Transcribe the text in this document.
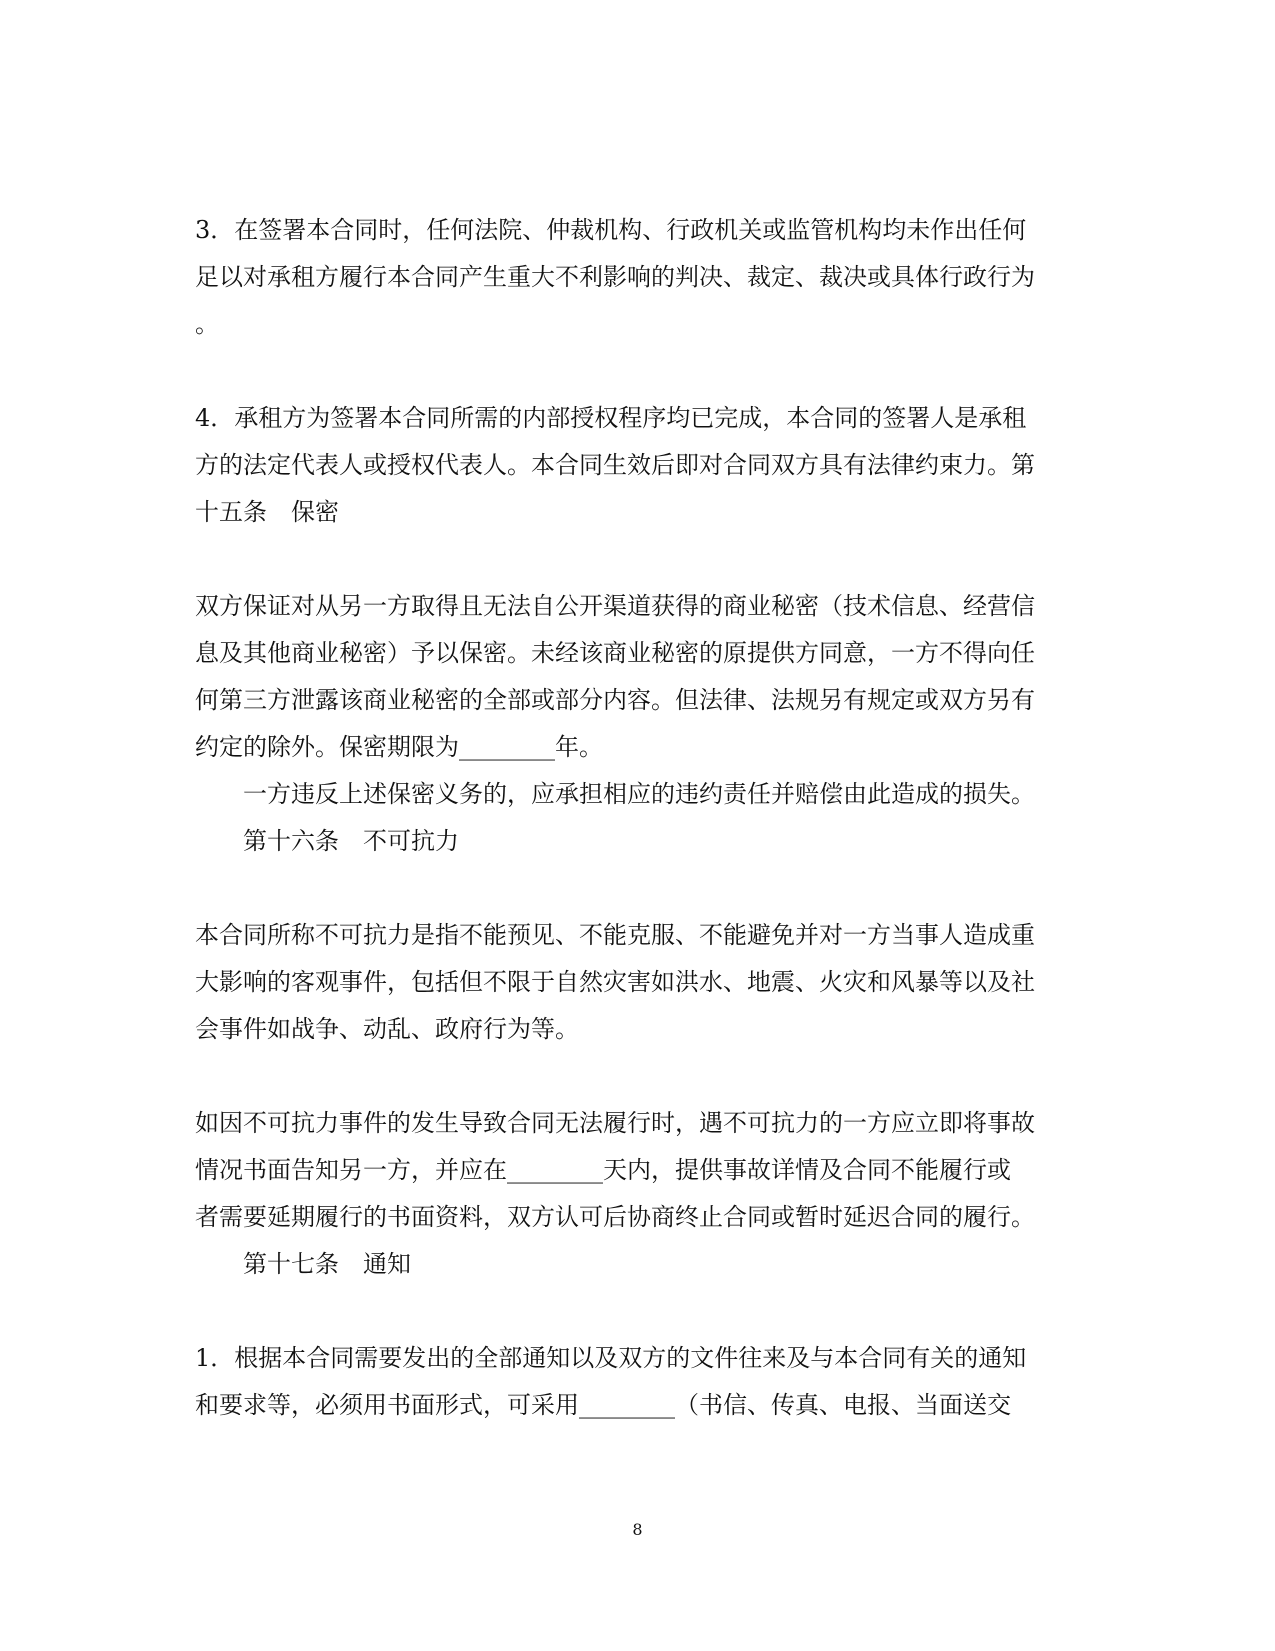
3．在签署本合同时，任何法院、仲裁机构、行政机关或监管机构均未作出任何
足以对承租方履行本合同产生重大不利影响的判决、裁定、裁决或具体行政行为
。
4．承租方为签署本合同所需的内部授权程序均已完成，本合同的签署人是承租
方的法定代表人或授权代表人。本合同生效后即对合同双方具有法律约束力。第
十五条　保密
双方保证对从另一方取得且无法自公开渠道获得的商业秘密（技术信息、经营信
息及其他商业秘密）予以保密。未经该商业秘密的原提供方同意，一方不得向任
何第三方泄露该商业秘密的全部或部分内容。但法律、法规另有规定或双方另有
约定的除外。保密期限为________年。
一方违反上述保密义务的，应承担相应的违约责任并赔偿由此造成的损失。
第十六条　不可抗力
本合同所称不可抗力是指不能预见、不能克服、不能避免并对一方当事人造成重
大影响的客观事件，包括但不限于自然灾害如洪水、地震、火灾和风暴等以及社
会事件如战争、动乱、政府行为等。
如因不可抗力事件的发生导致合同无法履行时，遇不可抗力的一方应立即将事故
情况书面告知另一方，并应在________天内，提供事故详情及合同不能履行或
者需要延期履行的书面资料，双方认可后协商终止合同或暂时延迟合同的履行。
第十七条　通知
1．根据本合同需要发出的全部通知以及双方的文件往来及与本合同有关的通知
和要求等，必须用书面形式，可采用________（书信、传真、电报、当面送交
8
